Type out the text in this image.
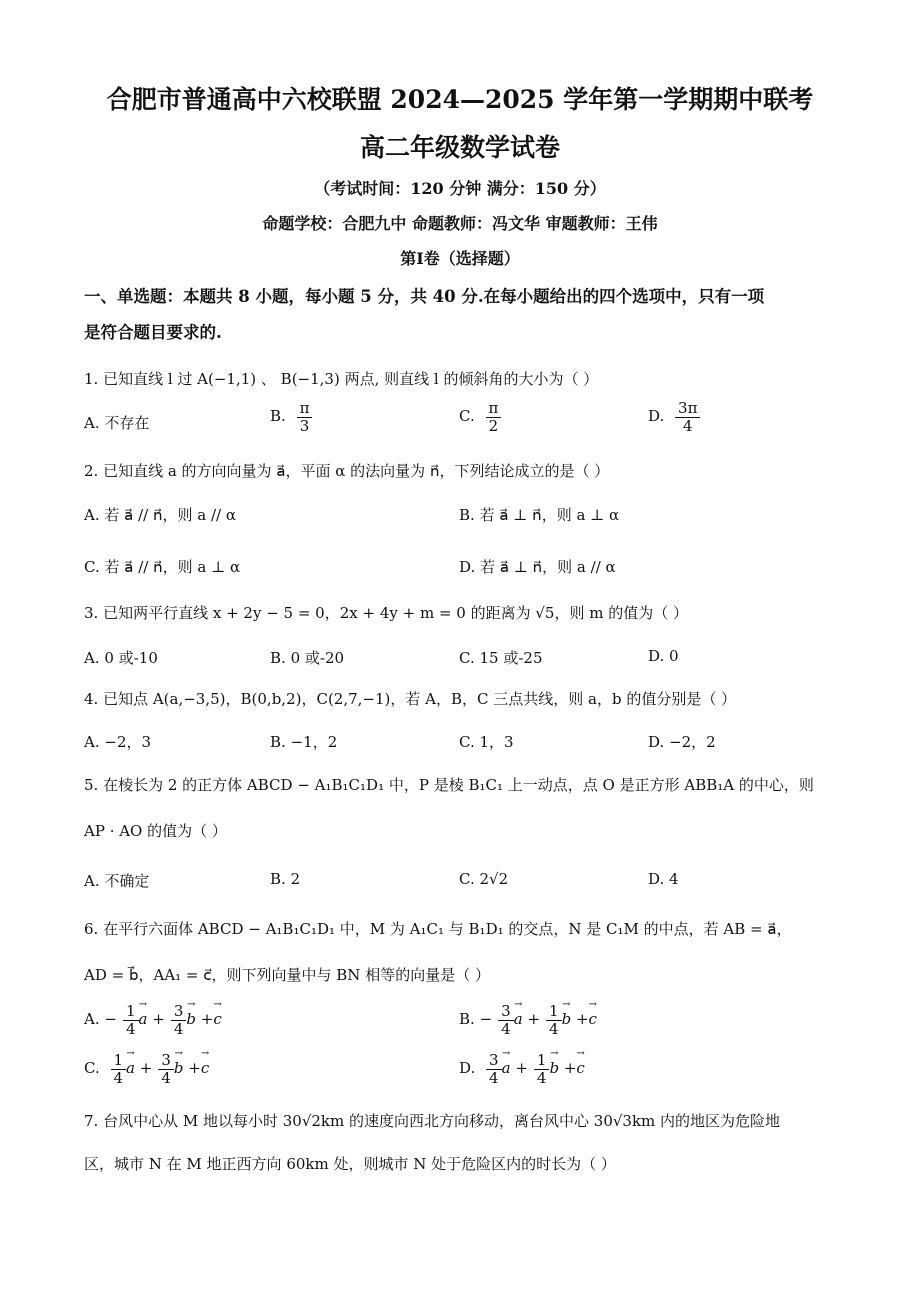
合肥市普通高中六校联盟 2024—2025 学年第一学期期中联考
高二年级数学试卷
（考试时间：120 分钟 满分：150 分）
命题学校：合肥九中 命题教师：冯文华 审题教师：王伟
第Ⅰ卷（选择题）
一、单选题：本题共 8 小题，每小题 5 分，共 40 分.在每小题给出的四个选项中，只有一项
是符合题目要求的.
1. 已知直线 l 过 A(−1,1) 、 B(−1,3) 两点, 则直线 l 的倾斜角的大小为（ ）
A. 不存在	B. $\frac{\pi}{3}$	C. $\frac{\pi}{2}$	D. $\frac{3\pi}{4}$
2. 已知直线 a 的方向向量为 a⃗，平面 α 的法向量为 n⃗，下列结论成立的是（ ）
A. 若 a⃗ // n⃗，则 a // α	B. 若 a⃗ ⊥ n⃗，则 a ⊥ α
C. 若 a⃗ // n⃗，则 a ⊥ α	D. 若 a⃗ ⊥ n⃗，则 a // α
3. 已知两平行直线 x + 2y − 5 = 0，2x + 4y + m = 0 的距离为 √5，则 m 的值为（ ）
A. 0 或-10	B. 0 或-20	C. 15 或-25	D. 0
4. 已知点 A(a,−3,5)，B(0,b,2)，C(2,7,−1)，若 A，B，C 三点共线，则 a，b 的值分别是（ ）
A. −2，3	B. −1，2	C. 1，3	D. −2，2
5. 在棱长为 2 的正方体 ABCD − A₁B₁C₁D₁ 中，P 是棱 B₁C₁ 上一动点，点 O 是正方形 ABB₁A 的中心，则
AP · AO 的值为（ ）
A. 不确定	B. 2	C. 2√2	D. 4
6. 在平行六面体 ABCD − A₁B₁C₁D₁ 中，M 为 A₁C₁ 与 B₁D₁ 的交点，N 是 C₁M 的中点，若 AB = a⃗，
AD = b⃗，AA₁ = c⃗，则下列向量中与 BN 相等的向量是（ ）
A. − $\frac{1}{4} \to a + \frac{3}{4} \to b +\to c$	B. − $\frac{3}{4} \to a + \frac{1}{4} \to b +\to c$
C. $\frac{1}{4} \to a + \frac{3}{4} \to b +\to c$	D. $\frac{3}{4} \to a + \frac{1}{4} \to b +\to c$
7. 台风中心从 M 地以每小时 30√2km 的速度向西北方向移动，离台风中心 30√3km 内的地区为危险地
区，城市 N 在 M 地正西方向 60km 处，则城市 N 处于危险区内的时长为（ ）
